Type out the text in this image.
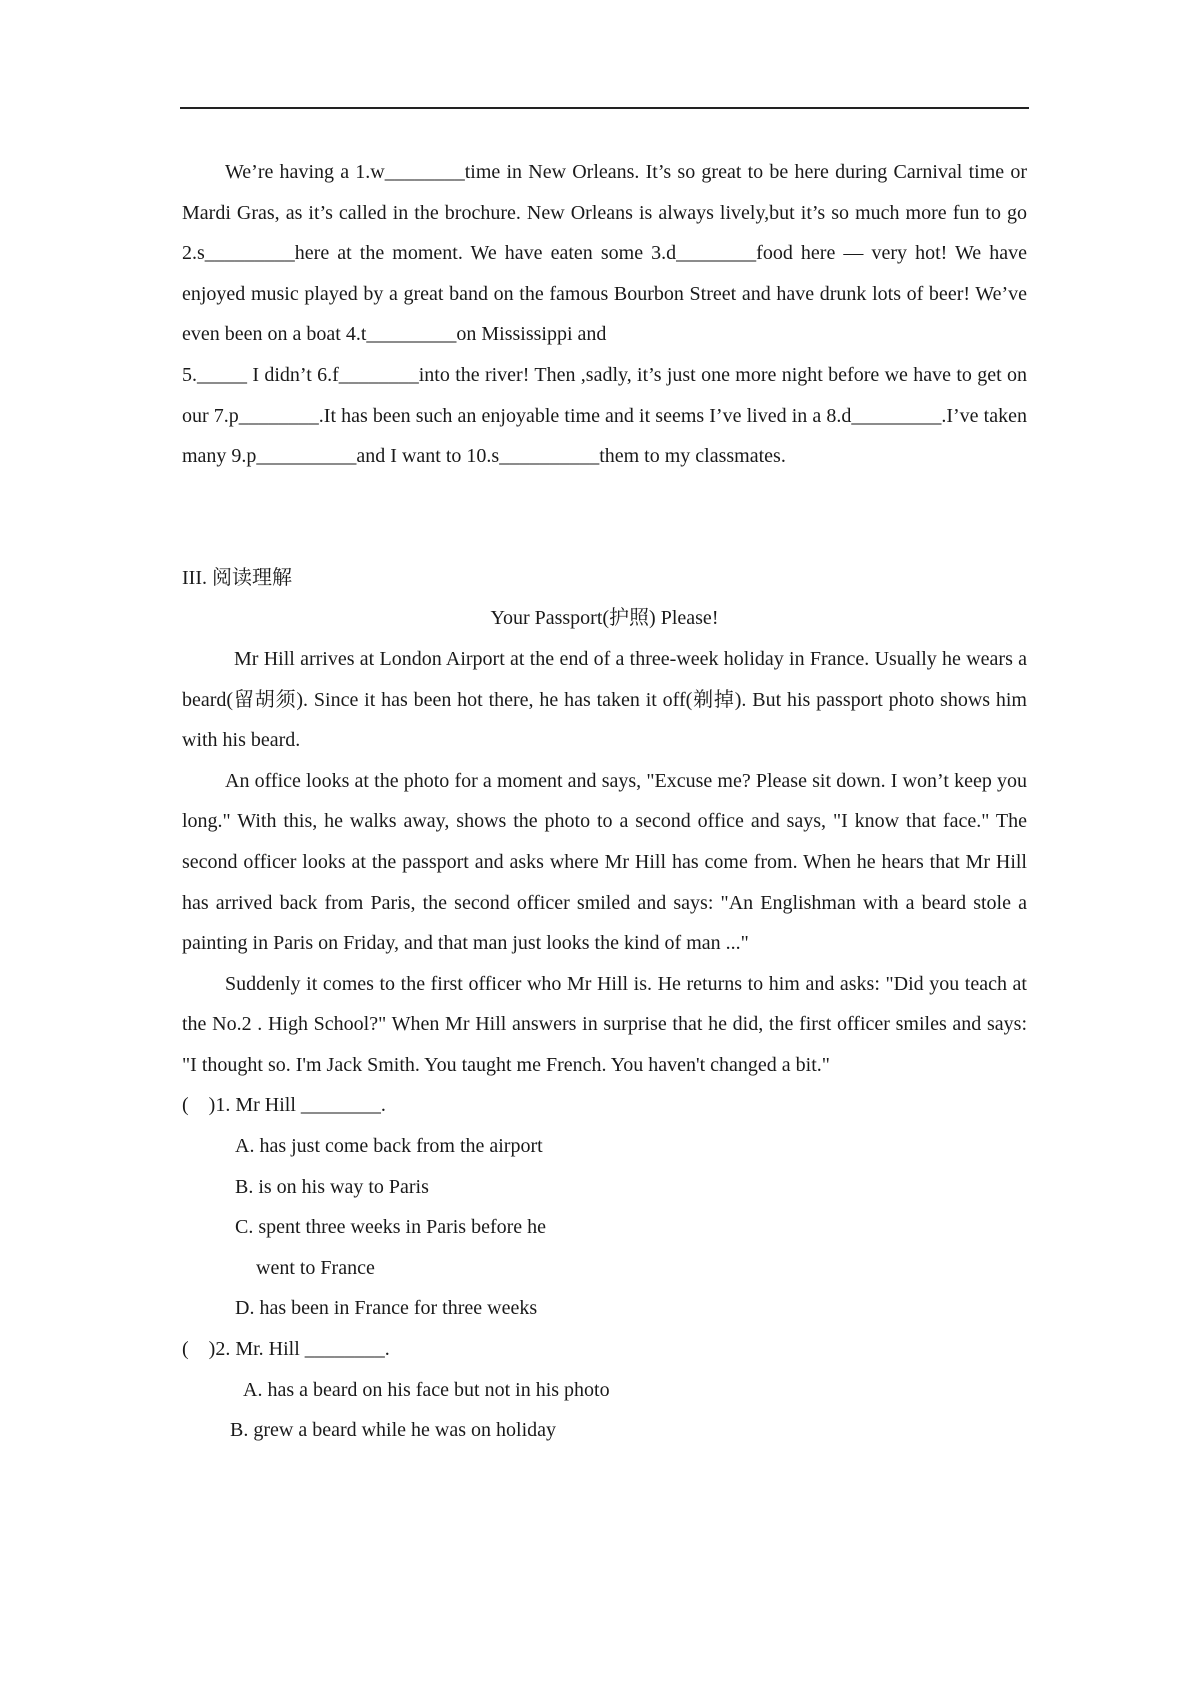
We’re having a 1.w________time in New Orleans. It’s so great to be here during Carnival time or Mardi Gras, as it’s called in the brochure. New Orleans is always lively,but it’s so much more fun to go 2.s_________here at the moment. We have eaten some 3.d________food here — very hot! We have enjoyed music played by a great band on the famous Bourbon Street and have drunk lots of beer! We’ve even been on a boat 4.t_________on Mississippi and

5._____ I didn’t 6.f________into the river! Then ,sadly, it’s just one more night before we have to get on our 7.p________.It has been such an enjoyable time and it seems I’ve lived in a 8.d_________.I’ve taken many 9.p__________and I want to 10.s__________them to my classmates.

III. 阅读理解

Your Passport(护照) Please!

Mr Hill arrives at London Airport at the end of a three-week holiday in France. Usually he wears a beard(留胡须). Since it has been hot there, he has taken it off(剃掉). But his passport photo shows him with his beard.

An office looks at the photo for a moment and says, "Excuse me? Please sit down. I won’t keep you long." With this, he walks away, shows the photo to a second office and says, "I know that face." The second officer looks at the passport and asks where Mr Hill has come from. When he hears that Mr Hill has arrived back from Paris, the second officer smiled and says: "An Englishman with a beard stole a painting in Paris on Friday, and that man just looks the kind of man ..."

Suddenly it comes to the first officer who Mr Hill is. He returns to him and asks: "Did you teach at the No.2 . High School?" When Mr Hill answers in surprise that he did, the first officer smiles and says: "I thought so. I'm Jack Smith. You taught me French. You haven't changed a bit."

(    )1. Mr Hill ________.

A. has just come back from the airport

B. is on his way to Paris

C. spent three weeks in Paris before he

went to France

D. has been in France for three weeks

(    )2. Mr. Hill ________.

A. has a beard on his face but not in his photo

B. grew a beard while he was on holiday
